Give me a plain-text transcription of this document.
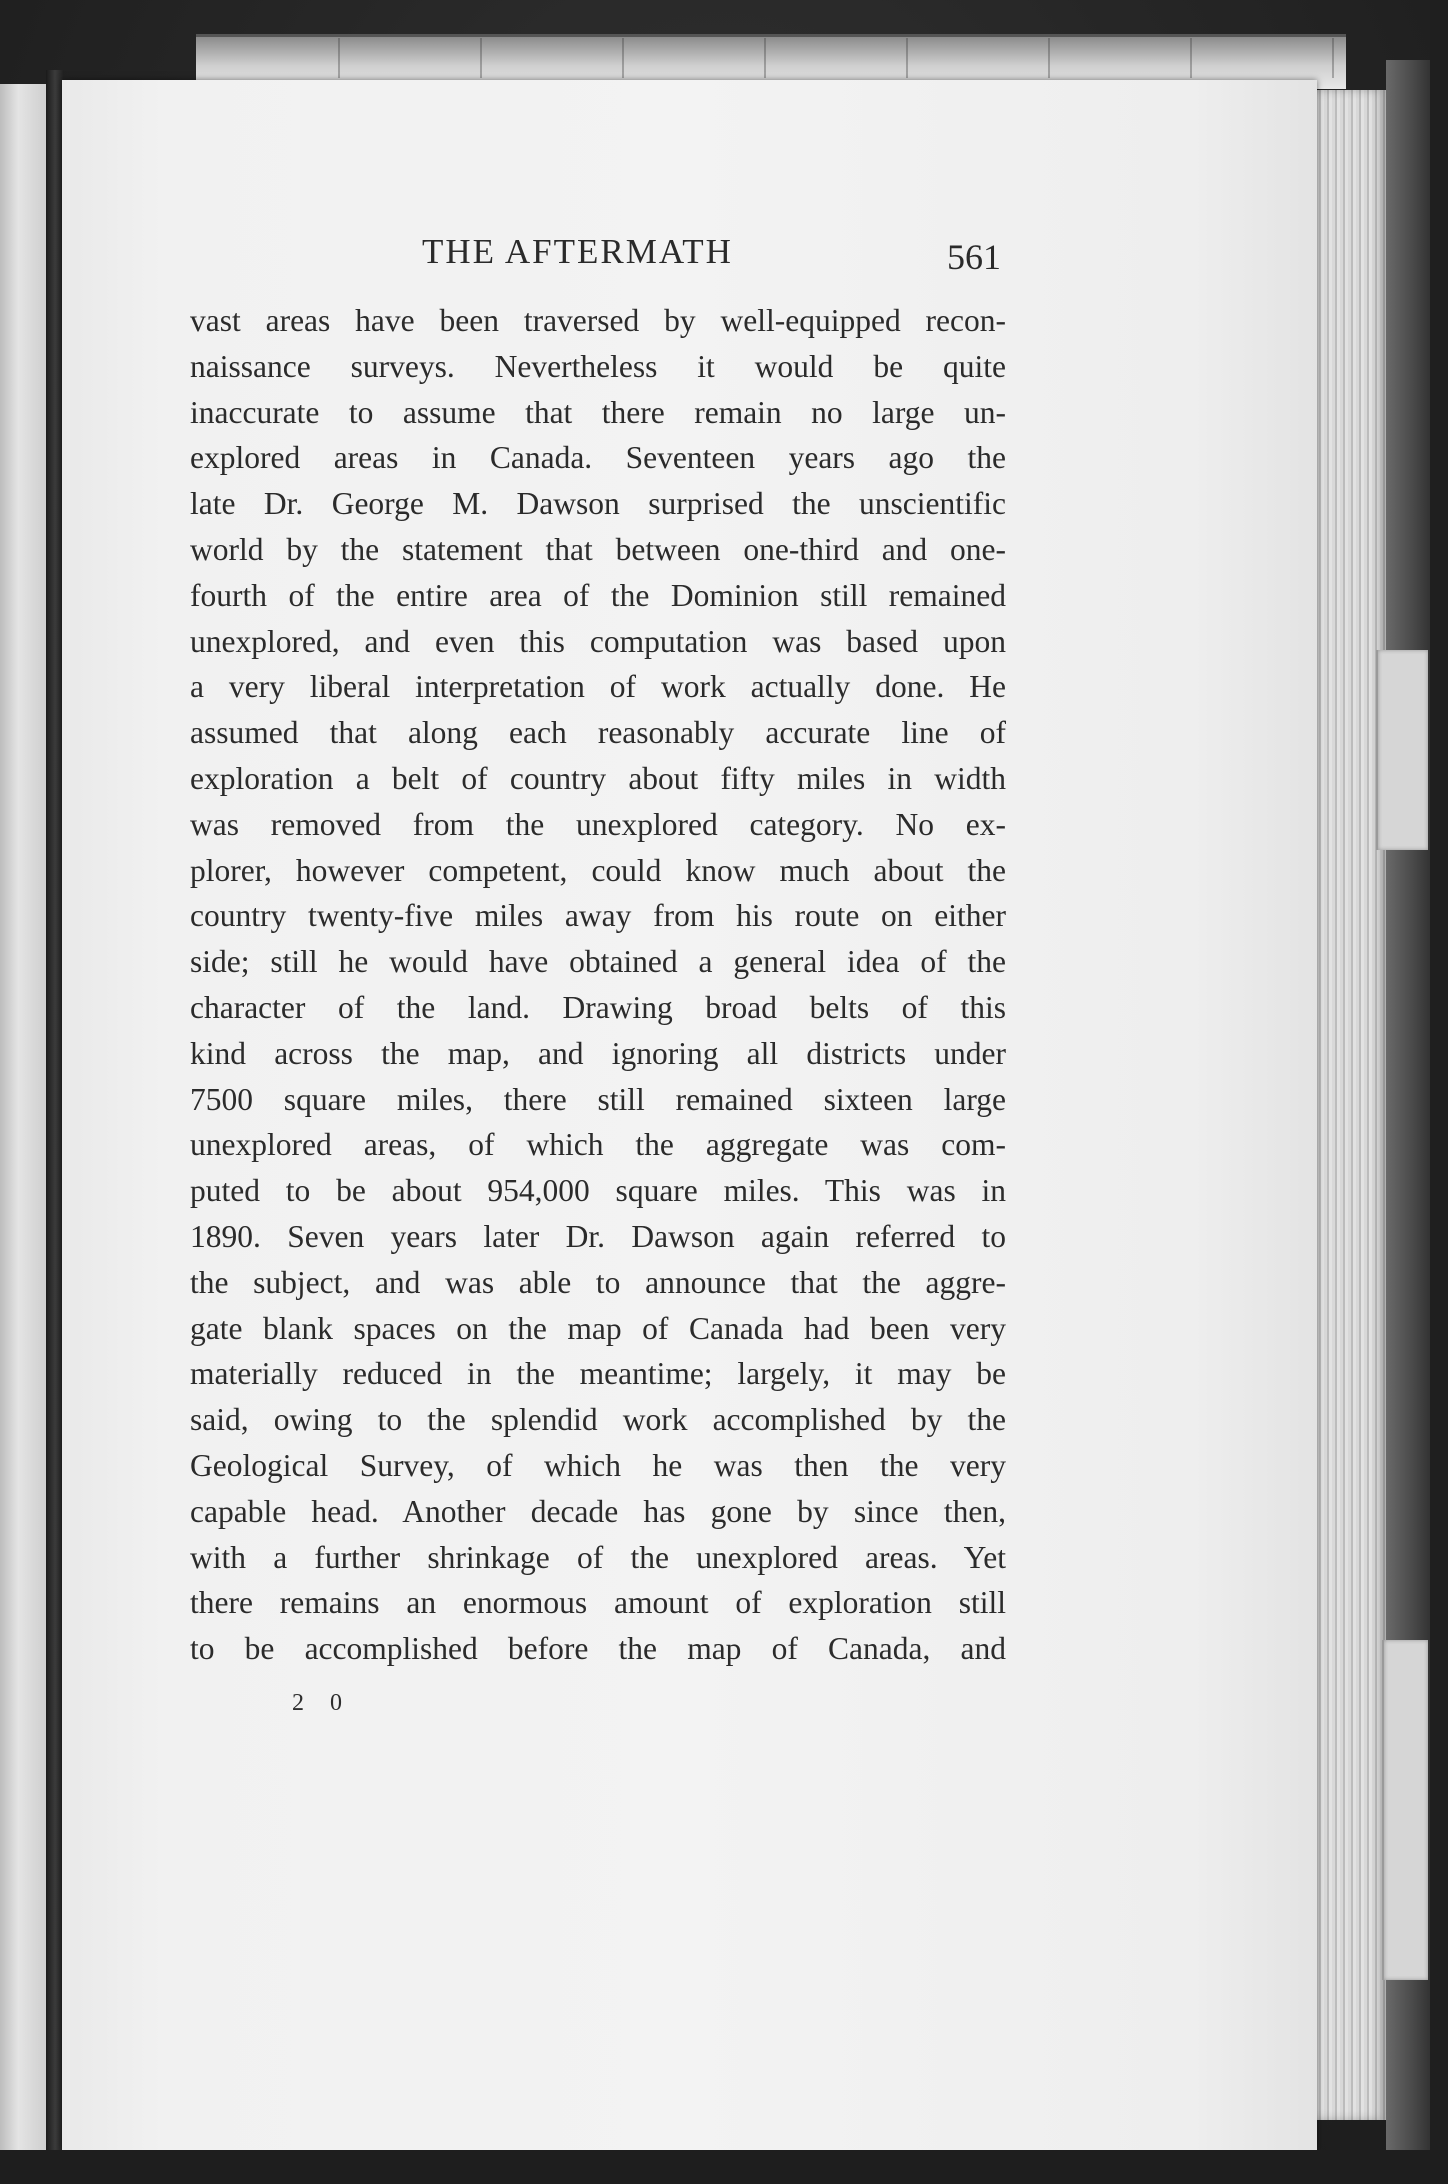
THE AFTERMATH	561
vast areas have been traversed by well-equipped recon-
naissance surveys. Nevertheless it would be quite
inaccurate to assume that there remain no large un-
explored areas in Canada. Seventeen years ago the
late Dr. George M. Dawson surprised the unscientific
world by the statement that between one-third and one-
fourth of the entire area of the Dominion still remained
unexplored, and even this computation was based upon
a very liberal interpretation of work actually done. He
assumed that along each reasonably accurate line of
exploration a belt of country about fifty miles in width
was removed from the unexplored category. No ex-
plorer, however competent, could know much about the
country twenty-five miles away from his route on either
side; still he would have obtained a general idea of the
character of the land. Drawing broad belts of this
kind across the map, and ignoring all districts under
7500 square miles, there still remained sixteen large
unexplored areas, of which the aggregate was com-
puted to be about 954,000 square miles. This was in
1890. Seven years later Dr. Dawson again referred to
the subject, and was able to announce that the aggre-
gate blank spaces on the map of Canada had been very
materially reduced in the meantime; largely, it may be
said, owing to the splendid work accomplished by the
Geological Survey, of which he was then the very
capable head. Another decade has gone by since then,
with a further shrinkage of the unexplored areas. Yet
there remains an enormous amount of exploration still
to be accomplished before the map of Canada, and
2 0
